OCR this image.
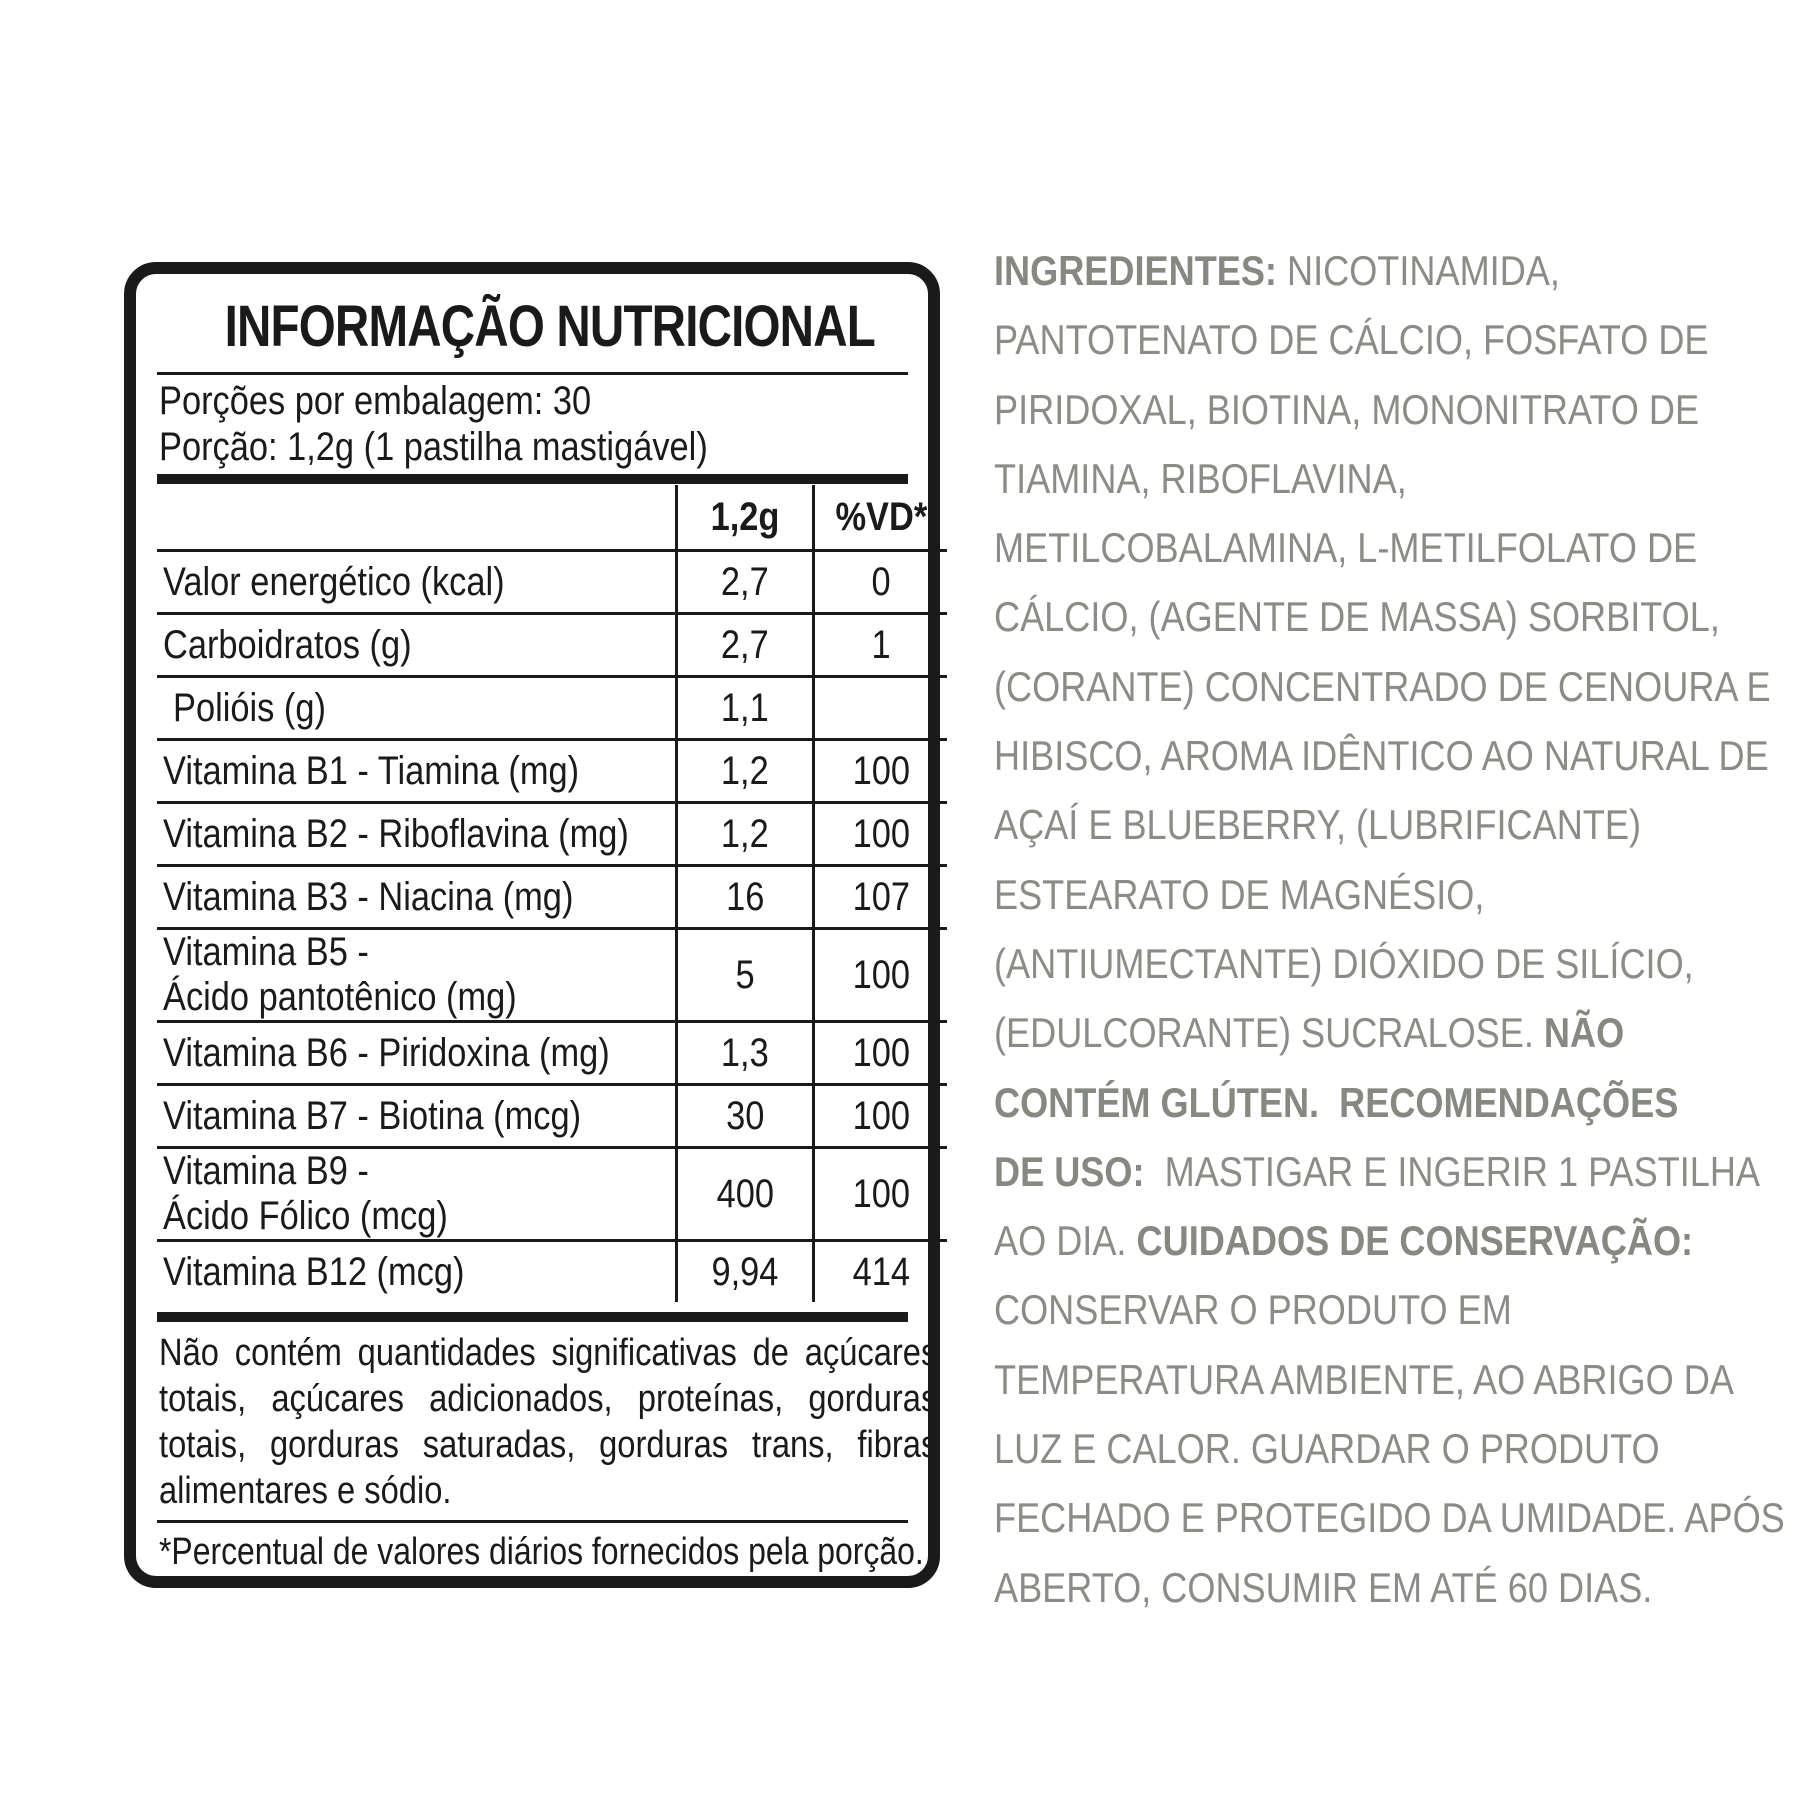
INFORMAÇÃO NUTRICIONAL
Porções por embalagem: 30
Porção: 1,2g (1 pastilha mastigável)
	1,2g	%VD*
Valor energético (kcal)	2,7	0
Carboidratos (g)	2,7	1
Polióis (g)	1,1	
Vitamina B1 - Tiamina (mg)	1,2	100
Vitamina B2 - Riboflavina (mg)	1,2	100
Vitamina B3 - Niacina (mg)	16	107
Vitamina B5 -
Ácido pantotênico (mg)	5	100
Vitamina B6 - Piridoxina (mg)	1,3	100
Vitamina B7 - Biotina (mcg)	30	100
Vitamina B9 -
Ácido Fólico (mcg)	400	100
Vitamina B12 (mcg)	9,94	414
Não contém quantidades significativas de açúcares totais, açúcares adicionados, proteínas, gorduras totais, gorduras saturadas, gorduras trans, fibras alimentares e sódio.
*Percentual de valores diários fornecidos pela porção.
INGREDIENTES: NICOTINAMIDA,
PANTOTENATO DE CÁLCIO, FOSFATO DE
PIRIDOXAL, BIOTINA, MONONITRATO DE
TIAMINA, RIBOFLAVINA,
METILCOBALAMINA, L-METILFOLATO DE
CÁLCIO, (AGENTE DE MASSA) SORBITOL,
(CORANTE) CONCENTRADO DE CENOURA E
HIBISCO, AROMA IDÊNTICO AO NATURAL DE
AÇAÍ E BLUEBERRY, (LUBRIFICANTE)
ESTEARATO DE MAGNÉSIO,
(ANTIUMECTANTE) DIÓXIDO DE SILÍCIO,
(EDULCORANTE) SUCRALOSE. NÃO
CONTÉM GLÚTEN. RECOMENDAÇÕES
DE USO: MASTIGAR E INGERIR 1 PASTILHA
AO DIA. CUIDADOS DE CONSERVAÇÃO:
CONSERVAR O PRODUTO EM
TEMPERATURA AMBIENTE, AO ABRIGO DA
LUZ E CALOR. GUARDAR O PRODUTO
FECHADO E PROTEGIDO DA UMIDADE. APÓS
ABERTO, CONSUMIR EM ATÉ 60 DIAS.
